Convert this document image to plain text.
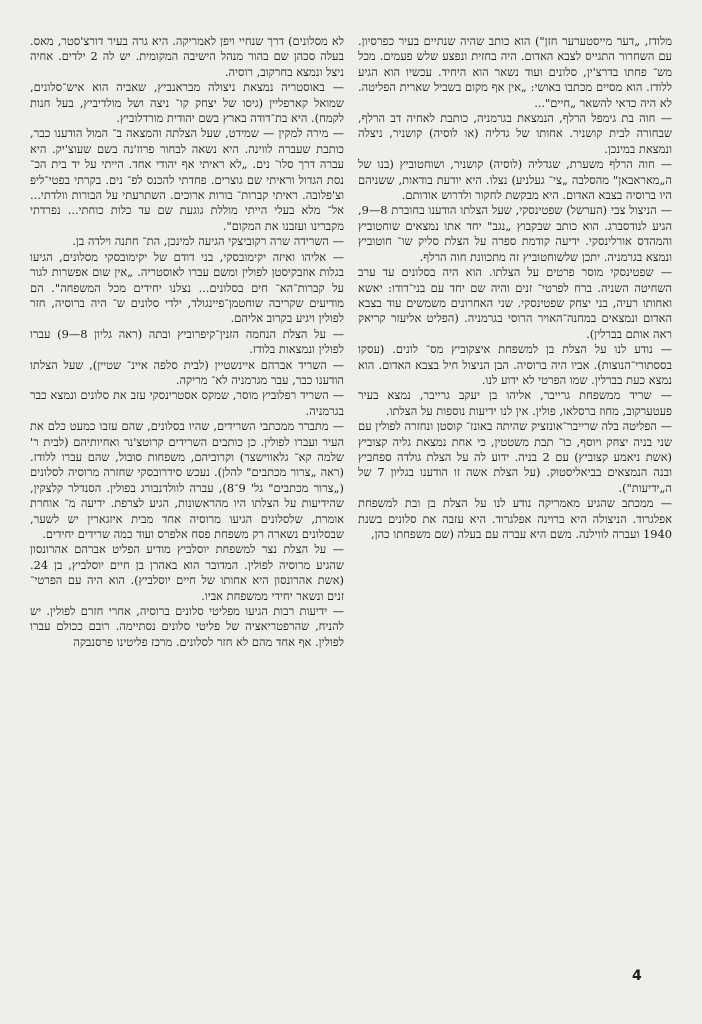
מלודז, „דער מייסטערער חזן") הוא כותב שהיה שנתיים בעיר כפרסיון. עם השחרור התגייס לצבא האדום. היה בחזית ונפצע שלש פעמים. מכל מש־ פחתו בדרצ'ין, סלונים ועוד נשאר הוא היחיד. עכשיו הוא הגיע ללודז. הוא מסיים מכתבו באושי: „אין אף מקום בשביל שארית הפליטה. לא היה כדאי להשאר „חיים"...

— חוה בת גימפל הרלף, הנמצאת בגרמניה, כותבת לאחיה דב הרלף, שבחורה לבית קושניר. אחותו של גדליה (או לוסיה) קושניר, ניצלה ונמצאת במינכן.

— חוה הרלף משערת, שגדליה (לוסיה) קושניר, ושוחטוביץ (בנו של ה„מאראבאן" מהסלבה „צי־ געלניע) נצלו. היא יודעת בודאות, ששניהם היו ברוסיה בצבא האדום. היא מבקשת לחקור ולדרוש אודותם.

— הניצול צבי (הערשל) שפטינסקי, שעל הצלתו הודענו בחוברת 8—9, הגיע לנודסברג. הוא כותב שבקבוץ „נגב" יחד אתו נמצאים שוחטוביץ והמהדס אורלינסקי. ידיעה קודמת ספרה על הצלת סליק שו־ חוטוביץ ונמצא בגרמניה. יתכן שלשוחטוביץ זה מתכוונת חוה הרלף.

— שפטינסקי מוסר פרטים על הצלתו. הוא היה בסלונים עד ערב השחיטה השניה. ברח לפרטי־ זנים והיה שם יחד עם בני־דודו: יאשא ואחותו רעיה, בני יצחק שפטינסקי. שני האחרונים משמשים עוד בצבא האדום ונמצאים במחנה־האויר הרוסי בגרמניה. (הפליט אליעזר קריאק ראה אותם בברלין).

— נודע לנו על הצלת בן למשפחת איצקוביץ מס־ לונים. (עסקו בססתורי־הנוצות). אביו היה ברוסיה. הבן הניצול חיל בצבא האדום. הוא נמצא כעת בברלין. שמו הפרטי לא ידוע לנו.

— שריד ממשפחת גרייבר, אליהו בן יעקב גרייבר, נמצא בעיר פעטערקוב, מחוז ברסלאו, פולין. אין לנו ידיעות נוספות על הצלתו.

— הפליטה בלה שרייבר־אונזציק שהיתה באונז־ קוסטן ונחזרה לפולין עם שני בניה יצחק ויוסף, כו־ תבת משטטין, כי אחת נמצאת גליה קצוביץ (אשת ניאמע קצוביץ) עם 2 בניה. ידוע לה על הצלת גולדה ספחביץ ובנה הנמצאים בביאליסטוק. (על הצלת אשה זו הודענו בגליון 7 של ה„ידיעות").

— ממכתב שהגיע מאמריקה נודע לנו על הצלת בן ובת למשפחת אפלגרוד. הניצולה היא ברוינה אפלגרוד. היא עזבה את סלונים בשנת 1940 ועברה לווילנה. משם היא עברה עם בעלה (שם משפחתו כהן,

לא מסלונים) דרך שנחיי ויפן לאמריקה. היא גרה בעיר דורצ'סטר, מאס. בעלה סכהן שם בהור מנהל הישיבה המקומית. יש לה 2 ילדים. אחיה ניצל ונמצא בחרקוב, רוסיה.

— באוסטריה נמצאת ניצולה מבראנביץ, שאביה הוא איש־סלונים, שמואל קארפליין (גיסו של יצחק קו־ ניצה ושל מולדיביץ, בעל חנות לקמח). היא בת־דודה בארץ בשם יהודית מורדלוביץ.

— מירה למקין — שמידט, שעל הצלתה והמצאה ב־ המול הודענו כבר, כותבת שעברה לווינה. היא נשאה לבחור פרוז'נה בשם שעוצ'יק. היא עברה דרך סלו־ נים. „לא ראיתי אף יהודי אחד. הייתי על יד בית הכ־ נסת הגדול וראיתי שם גוצרים. פחדתי להכנס לפ־ נים. בקרתי בפטי־ליפ וצ'פלובה. ראיתי קברות־ בורות ארוכים. השתרעתי על הבורות וולדתי... אל־ מלא בעלי הייתי מוללת גוגעת שם עד כלות כוחתי... נפרדתי מקברינו ועזבנו את המקום".

— השרידה שרה רקוביצקי הגיעה למינכן, הת־ חתנה וילדה בן.

— אליהו ואיזה יקימובסקי, בני דודם של יקימובסקי מסלונים, הגיעו בגלות אוזבקיסטן לפולין ומשם עברו לאוסטריה. „אין שום אפשרות לגור על קברות־הא־ חים בסלונים... נצלנו יחידים מכל המשפחה". הם מודיעים שקריבה שוחטמן־פיינגולד, ילדי סלונים ש־ היה ברוסיה, חזר לפולין ויגיע בקרוב אליהם.

— על הצלת הנחמה הזנין־קיפרוביץ ובתה (ראה גליון 8—9) עברו לפולין ונמצאות בלודז.

— השריד אברהם איינשטיין (לבית סלפה איינ־ שטיין), שעל הצלתו הודענו כבר, עבר מגרמניה לא־ מריקה.

— השריד רפלוביץ מוסר, שמקס אסטרינסקי עזב את סלונים ונמצא כבר בגרמניה.

— מתברר ממכתבי השרידים, שהיו בסלונים, שהם עזבו כמעט כלם את העיר ועברו לפולין. כן כותבים השרידים קרוטצ'נר ואחיותיהם (לבית ר' שלמה קא־ גלאווישצר) וקרוביהם, משפחות סובול, שהם עברו ללודז. (ראה „צרור מכתבים" להלן). נעכש סידרובסקי שחזרה מרוסיה לסלונים („צרור מכתבים" גל' 9־8), עברה לוולדנבורג בפולין. הסנדלר קלצקין, שהידיעות על הצלתו היו מהראשונות, הגיע לצרפת. ידיעה מ־ אוחרת אומרת, שלסלונים הגיעו מרוסיה אחד מבית איזגארין יש לשער, שבסלונים נשארה רק משפחת פסח אלפרס ועוד כמה שרידים יחידים.

— על הצלת נצר למשפחת יוסלביץ מודיע הפליט אברהם אהרונסון שהגיע מרוסיה לפולין. המדובר הוא באהרן בן חיים יוסלביץ, בן 24. (אשת אהרונסון היא אחותו של חיים יוסלביץ). הוא היה עם הפרטי־ זנים ונשאר יחידי ממשפחת אביו.

— ידיעות רבות הגיעו מפליטי סלונים ברוסיה, אחרי חזרם לפולין. יש להניח, שהרפטריאציה של פליטי סלונים נסתיימה. רובם ככולם עברו לפולין. אף אחד מהם לא חזר לסלונים. מרכז פליטינו פרסנבקה

4
